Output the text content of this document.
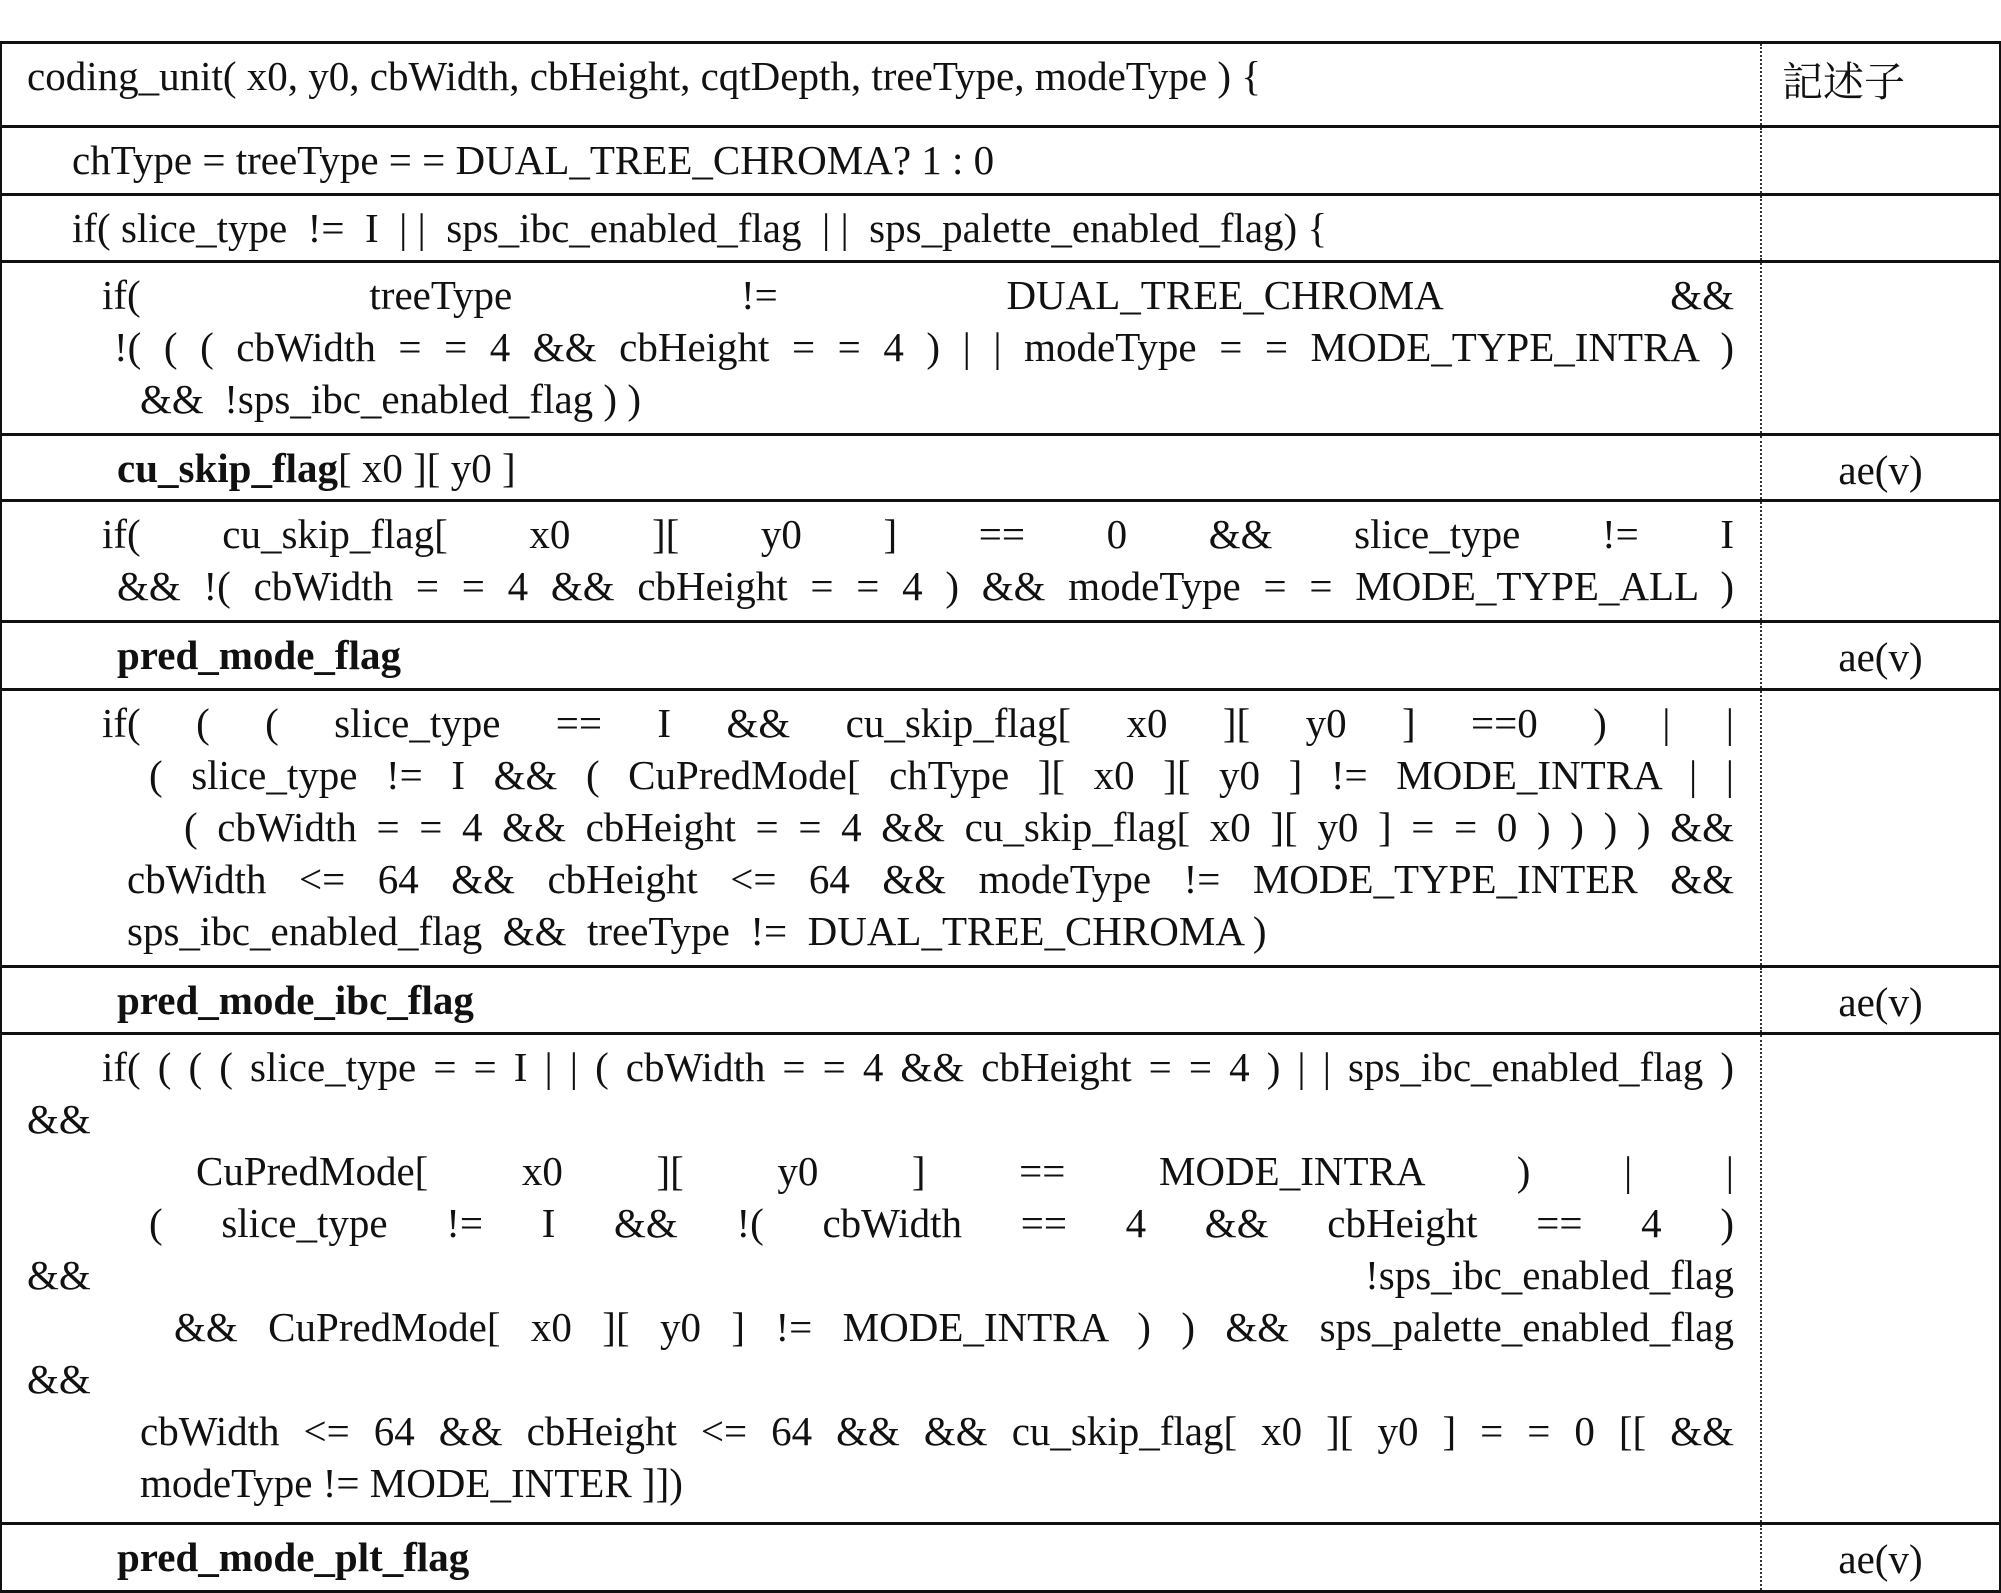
coding_unit( x0, y0, cbWidth, cbHeight, cqtDepth, treeType, modeType ) {	記述子

chType = treeType = = DUAL_TREE_CHROMA? 1 : 0

if( slice_type  !=  I  | |  sps_ibc_enabled_flag  | |  sps_palette_enabled_flag) {

if( treeType != DUAL_TREE_CHROMA &&
!( ( ( cbWidth = = 4 && cbHeight = = 4 ) | | modeType = = MODE_TYPE_INTRA )
&&  !sps_ibc_enabled_flag ) )

cu_skip_flag[ x0 ][ y0 ]	ae(v)

if( cu_skip_flag[ x0 ][ y0 ] == 0 && slice_type != I
&& !( cbWidth = = 4 && cbHeight = = 4 ) && modeType = = MODE_TYPE_ALL )

pred_mode_flag	ae(v)

if( ( ( slice_type == I && cu_skip_flag[ x0 ][ y0 ] ==0 ) | |
( slice_type != I && ( CuPredMode[ chType ][ x0 ][ y0 ] != MODE_INTRA | |
( cbWidth = = 4 && cbHeight = = 4 && cu_skip_flag[ x0 ][ y0 ] = = 0 ) ) ) ) &&
cbWidth <= 64 && cbHeight <= 64 && modeType != MODE_TYPE_INTER &&
sps_ibc_enabled_flag  &&  treeType  !=  DUAL_TREE_CHROMA )

pred_mode_ibc_flag	ae(v)

if( ( ( ( slice_type = = I | | ( cbWidth = = 4 && cbHeight = = 4 ) | | sps_ibc_enabled_flag )
&&
CuPredMode[ x0 ][ y0 ] == MODE_INTRA ) | |
( slice_type != I && !( cbWidth == 4 && cbHeight == 4 )
&& !sps_ibc_enabled_flag
&& CuPredMode[ x0 ][ y0 ] != MODE_INTRA ) ) && sps_palette_enabled_flag
&&
cbWidth <= 64 && cbHeight <= 64 && && cu_skip_flag[ x0 ][ y0 ] = = 0 [[ &&
modeType != MODE_INTER ]])

pred_mode_plt_flag	ae(v)
